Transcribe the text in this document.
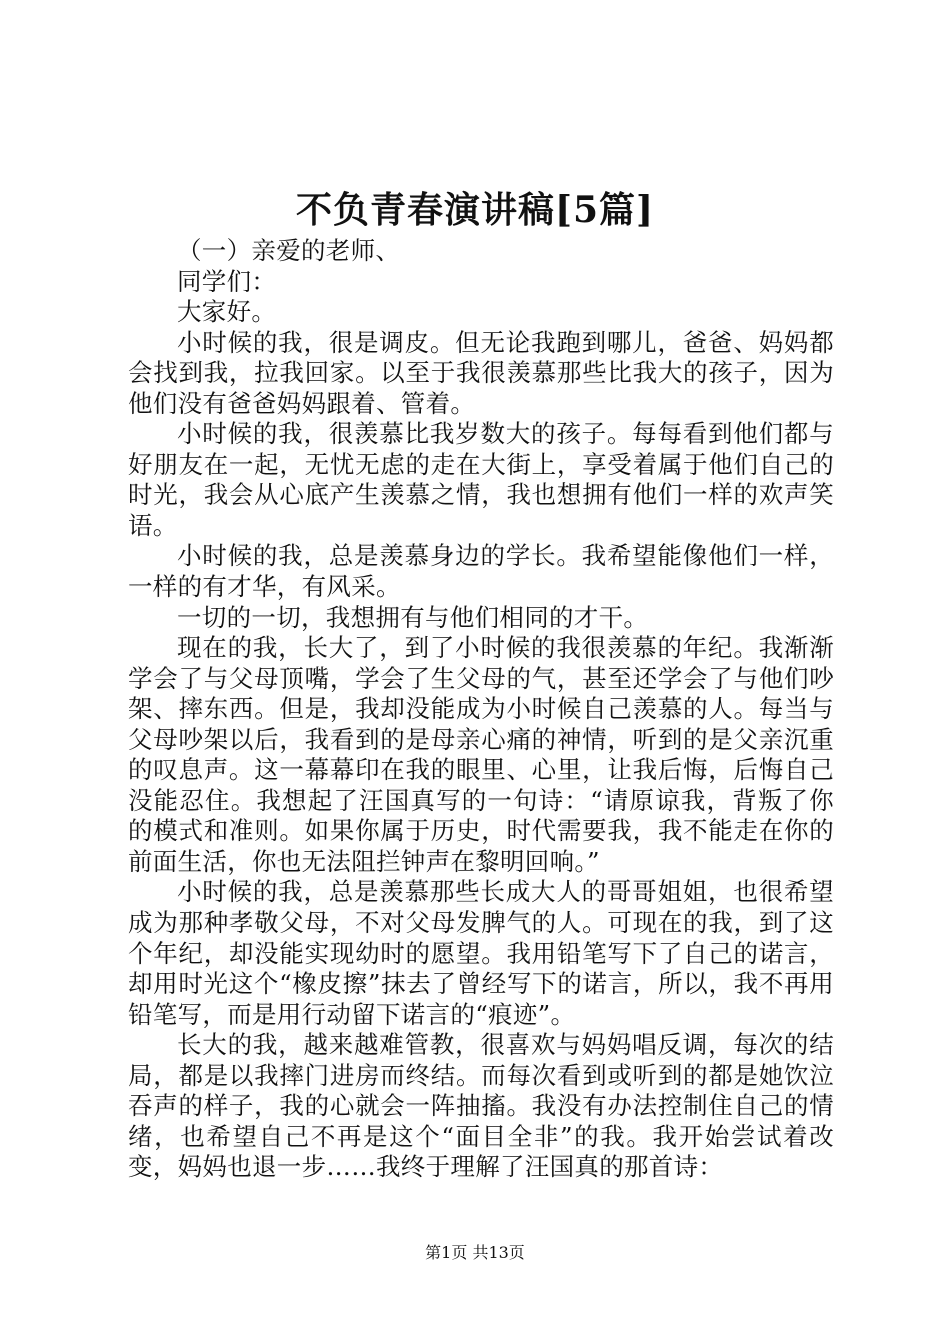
不负青春演讲稿[5篇]

（一）亲爱的老师、

同学们：

大家好。

小时候的我，很是调皮。但无论我跑到哪儿，爸爸、妈妈都会找到我，拉我回家。以至于我很羡慕那些比我大的孩子，因为他们没有爸爸妈妈跟着、管着。

小时候的我，很羡慕比我岁数大的孩子。每每看到他们都与好朋友在一起，无忧无虑的走在大街上，享受着属于他们自己的时光，我会从心底产生羡慕之情，我也想拥有他们一样的欢声笑语。

小时候的我，总是羡慕身边的学长。我希望能像他们一样，一样的有才华，有风采。

一切的一切，我想拥有与他们相同的才干。

现在的我，长大了，到了小时候的我很羡慕的年纪。我渐渐学会了与父母顶嘴，学会了生父母的气，甚至还学会了与他们吵架、摔东西。但是，我却没能成为小时候自己羡慕的人。每当与父母吵架以后，我看到的是母亲心痛的神情，听到的是父亲沉重的叹息声。这一幕幕印在我的眼里、心里，让我后悔，后悔自己没能忍住。我想起了汪国真写的一句诗：“请原谅我，背叛了你的模式和准则。如果你属于历史，时代需要我，我不能走在你的前面生活，你也无法阻拦钟声在黎明回响。”

小时候的我，总是羡慕那些长成大人的哥哥姐姐，也很希望成为那种孝敬父母，不对父母发脾气的人。可现在的我，到了这个年纪，却没能实现幼时的愿望。我用铅笔写下了自己的诺言，却用时光这个“橡皮擦”抹去了曾经写下的诺言，所以，我不再用铅笔写，而是用行动留下诺言的“痕迹”。

长大的我，越来越难管教，很喜欢与妈妈唱反调，每次的结局，都是以我摔门进房而终结。而每次看到或听到的都是她饮泣吞声的样子，我的心就会一阵抽搐。我没有办法控制住自己的情绪，也希望自己不再是这个“面目全非”的我。我开始尝试着改变，妈妈也退一步……我终于理解了汪国真的那首诗：

第1页 共13页
